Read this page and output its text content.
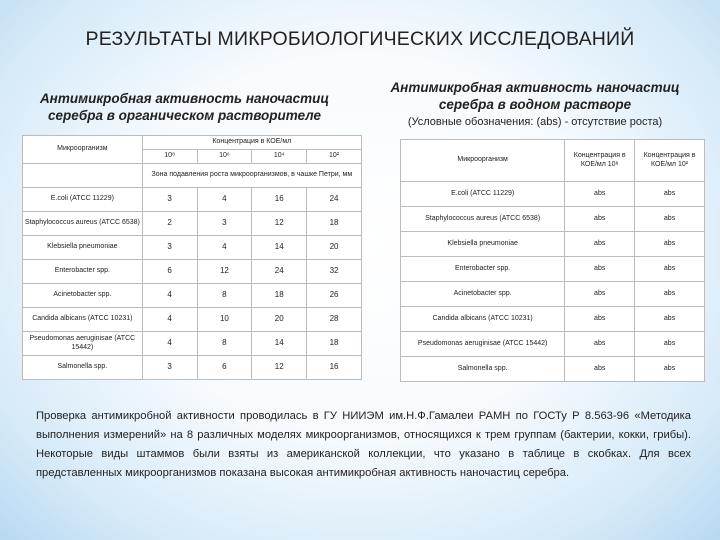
РЕЗУЛЬТАТЫ МИКРОБИОЛОГИЧЕСКИХ ИССЛЕДОВАНИЙ
Антимикробная активность наночастиц серебра в органическом растворителе
Антимикробная активность наночастиц серебра в водном растворе
(Условные обозначения: (abs) - отсутствие роста)
Микроорганизм	Концентрация в КОЕ/мл			
	10⁸	10⁶	10⁴	10²
	Зона подавления роста микроорганизмов, в чашке Петри, мм			
E.coli (ATCC 11229)	3	4	16	24
Staphylococcus aureus (ATCC 6538)	2	3	12	18
Klebsiella pneumoniae	3	4	14	20
Enterobacter spp.	6	12	24	32
Acinetobacter spp.	4	8	18	26
Candida albicans (ATCC 10231)	4	10	20	28
Pseudomonas aeruginisae (ATCC 15442)	4	8	14	18
Salmonella spp.	3	6	12	16
Микроорганизм	Концентрация в КОЕ/мл 10⁸	Концентрация в КОЕ/мл 10²
E.coli (ATCC 11229)	abs	abs
Staphylococcus aureus (ATCC 6538)	abs	abs
Klebsiella pneumoniae	abs	abs
Enterobacter spp.	abs	abs
Acinetobacter spp.	abs	abs
Candida albicans (ATCC 10231)	abs	abs
Pseudomonas aeruginisae (ATCC 15442)	abs	abs
Salmonella spp.	abs	abs
Проверка антимикробной активности проводилась в ГУ НИИЭМ им.Н.Ф.Гамалеи РАМН по ГОСТу Р 8.563-96 «Методика выполнения измерений» на 8 различных моделях микроорганизмов, относящихся к трем группам (бактерии, кокки, грибы). Некоторые виды штаммов были взяты из американской коллекции, что указано в таблице в скобках. Для всех представленных микроорганизмов показана высокая антимикробная активность наночастиц серебра.
